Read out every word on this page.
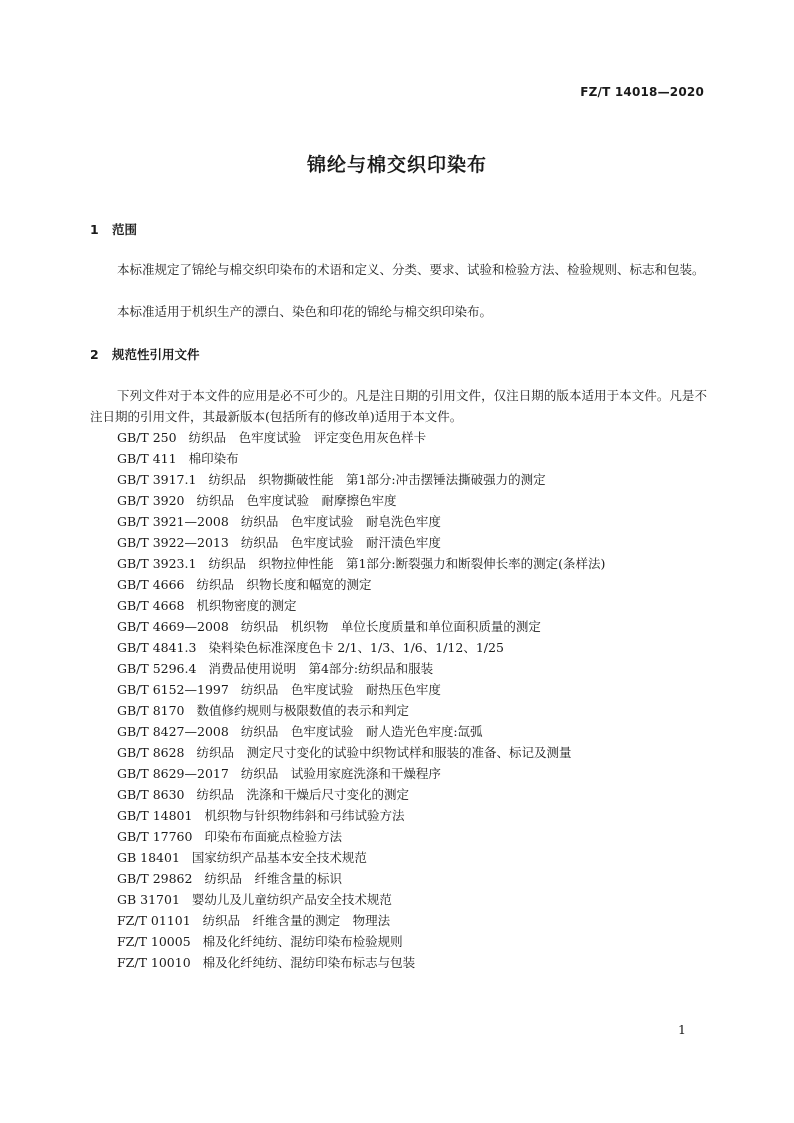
FZ/T 14018—2020
锦纶与棉交织印染布
1 范围
本标准规定了锦纶与棉交织印染布的术语和定义、分类、要求、试验和检验方法、检验规则、标志和包装。
本标准适用于机织生产的漂白、染色和印花的锦纶与棉交织印染布。
2 规范性引用文件
下列文件对于本文件的应用是必不可少的。凡是注日期的引用文件，仅注日期的版本适用于本文件。凡是不注日期的引用文件，其最新版本(包括所有的修改单)适用于本文件。
GB/T 250 纺织品　色牢度试验　评定变色用灰色样卡
GB/T 411 棉印染布
GB/T 3917.1 纺织品　织物撕破性能　第1部分:冲击摆锤法撕破强力的测定
GB/T 3920 纺织品　色牢度试验　耐摩擦色牢度
GB/T 3921—2008 纺织品　色牢度试验　耐皂洗色牢度
GB/T 3922—2013 纺织品　色牢度试验　耐汗渍色牢度
GB/T 3923.1 纺织品　织物拉伸性能　第1部分:断裂强力和断裂伸长率的测定(条样法)
GB/T 4666 纺织品　织物长度和幅宽的测定
GB/T 4668 机织物密度的测定
GB/T 4669—2008 纺织品　机织物　单位长度质量和单位面积质量的测定
GB/T 4841.3 染料染色标准深度色卡 2/1、1/3、1/6、1/12、1/25
GB/T 5296.4 消费品使用说明　第4部分:纺织品和服装
GB/T 6152—1997 纺织品　色牢度试验　耐热压色牢度
GB/T 8170 数值修约规则与极限数值的表示和判定
GB/T 8427—2008 纺织品　色牢度试验　耐人造光色牢度:氙弧
GB/T 8628 纺织品　测定尺寸变化的试验中织物试样和服装的准备、标记及测量
GB/T 8629—2017 纺织品　试验用家庭洗涤和干燥程序
GB/T 8630 纺织品　洗涤和干燥后尺寸变化的测定
GB/T 14801 机织物与针织物纬斜和弓纬试验方法
GB/T 17760 印染布布面疵点检验方法
GB 18401 国家纺织产品基本安全技术规范
GB/T 29862 纺织品　纤维含量的标识
GB 31701 婴幼儿及儿童纺织产品安全技术规范
FZ/T 01101 纺织品　纤维含量的测定　物理法
FZ/T 10005 棉及化纤纯纺、混纺印染布检验规则
FZ/T 10010 棉及化纤纯纺、混纺印染布标志与包装
1
